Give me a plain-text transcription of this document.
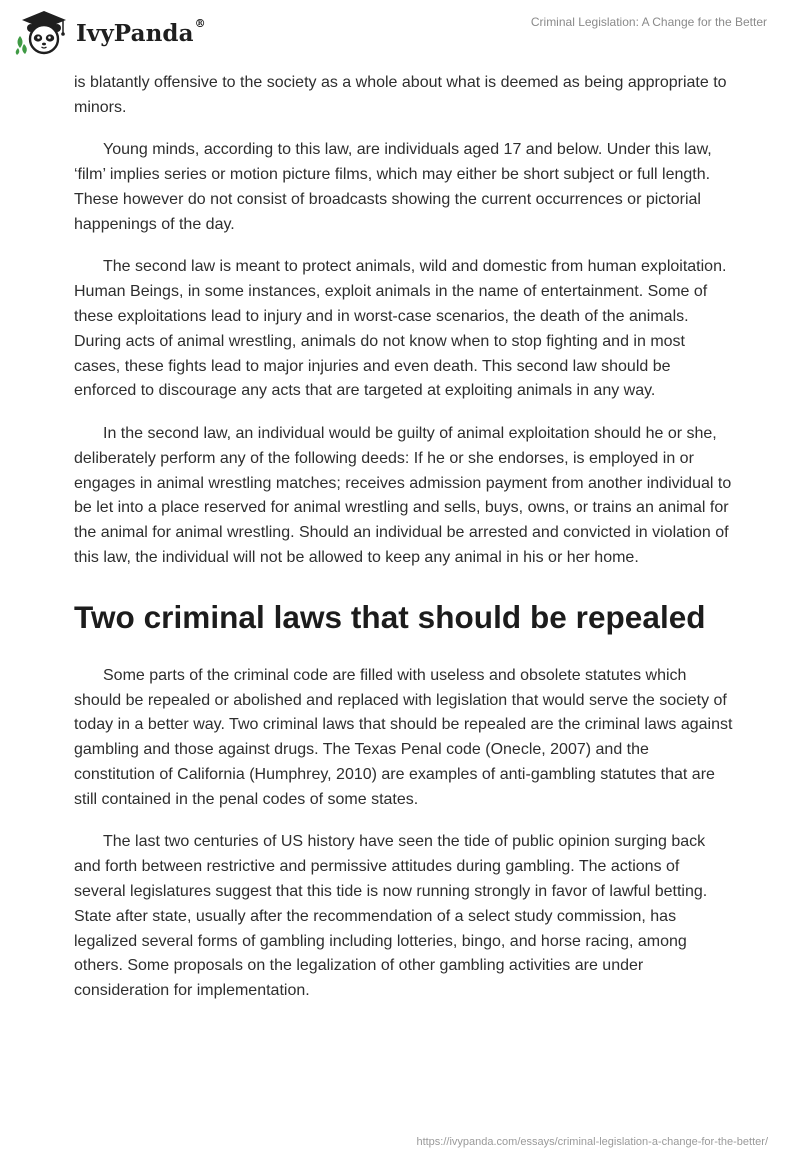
IvyPanda®	Criminal Legislation: A Change for the Better

is blatantly offensive to the society as a whole about what is deemed as being appropriate to minors.

Young minds, according to this law, are individuals aged 17 and below. Under this law, ‘film’ implies series or motion picture films, which may either be short subject or full length. These however do not consist of broadcasts showing the current occurrences or pictorial happenings of the day.

The second law is meant to protect animals, wild and domestic from human exploitation. Human Beings, in some instances, exploit animals in the name of entertainment. Some of these exploitations lead to injury and in worst-case scenarios, the death of the animals. During acts of animal wrestling, animals do not know when to stop fighting and in most cases, these fights lead to major injuries and even death. This second law should be enforced to discourage any acts that are targeted at exploiting animals in any way.

In the second law, an individual would be guilty of animal exploitation should he or she, deliberately perform any of the following deeds: If he or she endorses, is employed in or engages in animal wrestling matches; receives admission payment from another individual to be let into a place reserved for animal wrestling and sells, buys, owns, or trains an animal for the animal for animal wrestling. Should an individual be arrested and convicted in violation of this law, the individual will not be allowed to keep any animal in his or her home.

Two criminal laws that should be repealed

Some parts of the criminal code are filled with useless and obsolete statutes which should be repealed or abolished and replaced with legislation that would serve the society of today in a better way. Two criminal laws that should be repealed are the criminal laws against gambling and those against drugs. The Texas Penal code (Onecle, 2007) and the constitution of California (Humphrey, 2010) are examples of anti-gambling statutes that are still contained in the penal codes of some states.

The last two centuries of US history have seen the tide of public opinion surging back and forth between restrictive and permissive attitudes during gambling. The actions of several legislatures suggest that this tide is now running strongly in favor of lawful betting. State after state, usually after the recommendation of a select study commission, has legalized several forms of gambling including lotteries, bingo, and horse racing, among others. Some proposals on the legalization of other gambling activities are under consideration for implementation.

https://ivypanda.com/essays/criminal-legislation-a-change-for-the-better/
